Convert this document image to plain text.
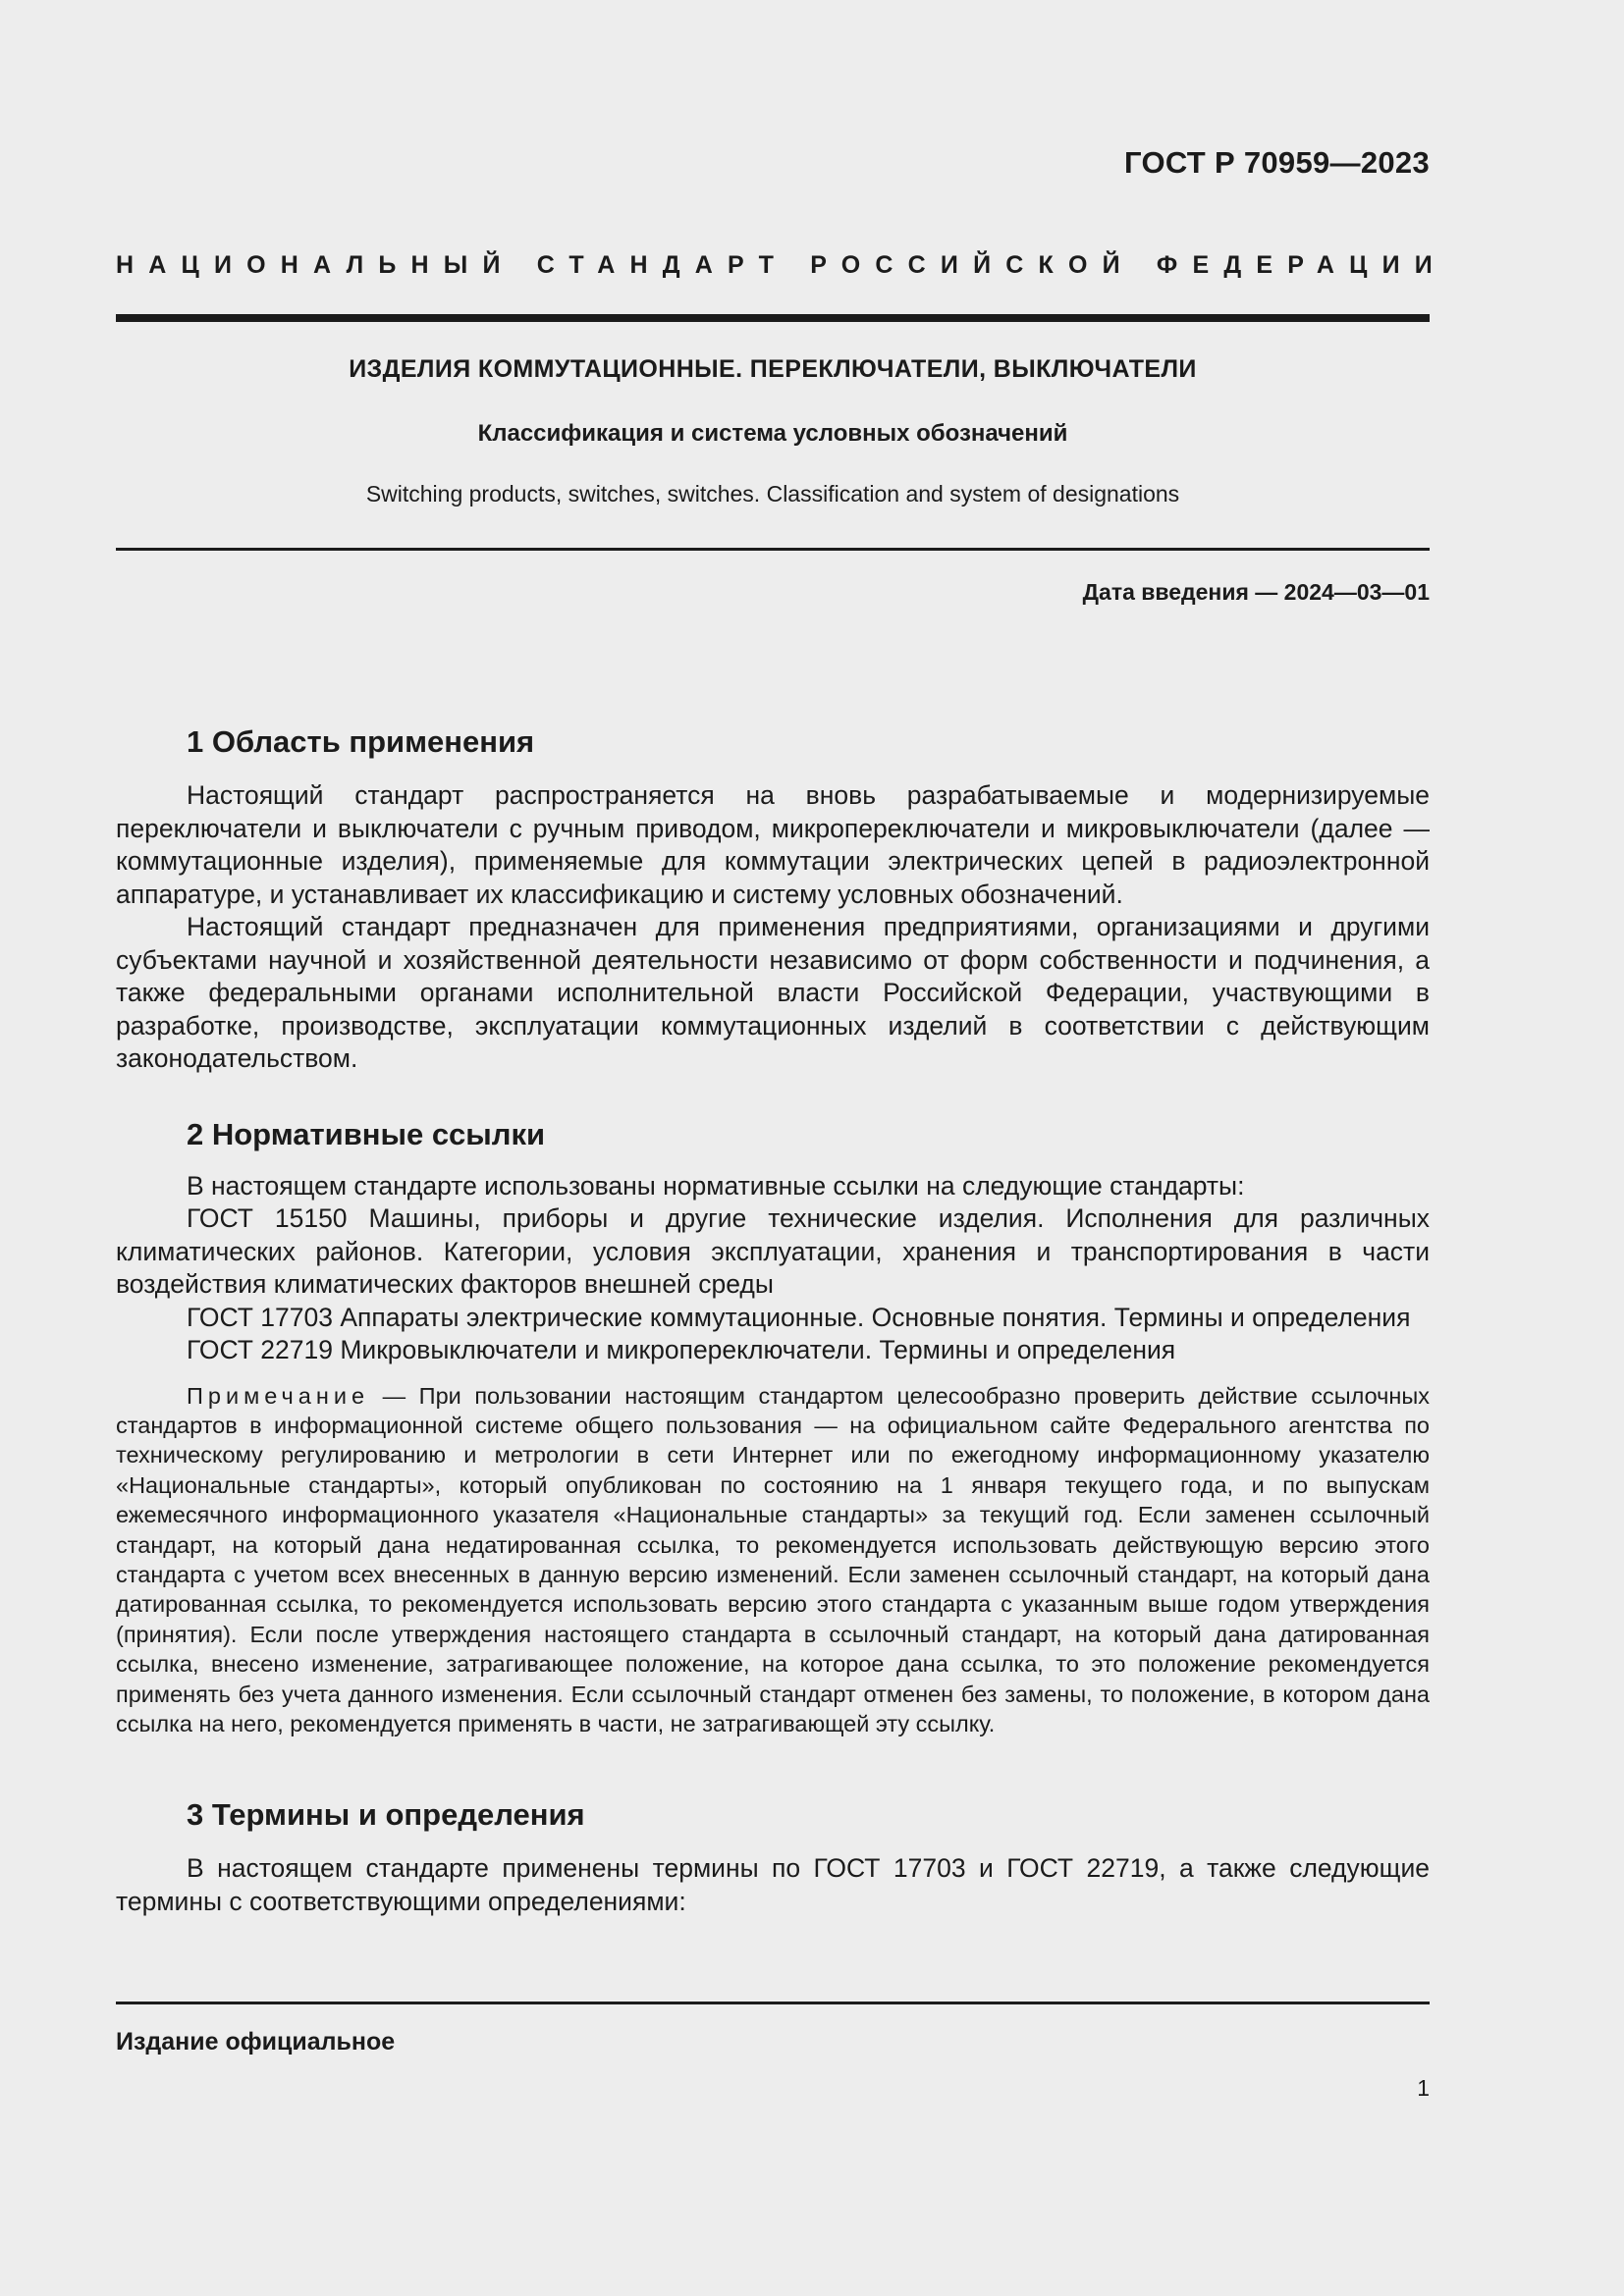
ГОСТ Р 70959—2023
НАЦИОНАЛЬНЫЙ СТАНДАРТ РОССИЙСКОЙ ФЕДЕРАЦИИ
ИЗДЕЛИЯ КОММУТАЦИОННЫЕ. ПЕРЕКЛЮЧАТЕЛИ, ВЫКЛЮЧАТЕЛИ
Классификация и система условных обозначений
Switching products, switches, switches. Classification and system of designations
Дата введения — 2024—03—01
1 Область применения

Настоящий стандарт распространяется на вновь разрабатываемые и модернизируемые переключатели и выключатели с ручным приводом, микропереключатели и микровыключатели (далее — коммутационные изделия), применяемые для коммутации электрических цепей в радиоэлектронной аппаратуре, и устанавливает их классификацию и систему условных обозначений.

Настоящий стандарт предназначен для применения предприятиями, организациями и другими субъектами научной и хозяйственной деятельности независимо от форм собственности и подчинения, а также федеральными органами исполнительной власти Российской Федерации, участвующими в разработке, производстве, эксплуатации коммутационных изделий в соответствии с действующим законодательством.

2 Нормативные ссылки

В настоящем стандарте использованы нормативные ссылки на следующие стандарты:

ГОСТ 15150 Машины, приборы и другие технические изделия. Исполнения для различных климатических районов. Категории, условия эксплуатации, хранения и транспортирования в части воздействия климатических факторов внешней среды

ГОСТ 17703 Аппараты электрические коммутационные. Основные понятия. Термины и определения

ГОСТ 22719 Микровыключатели и микропереключатели. Термины и определения

Примечание — При пользовании настоящим стандартом целесообразно проверить действие ссылочных стандартов в информационной системе общего пользования — на официальном сайте Федерального агентства по техническому регулированию и метрологии в сети Интернет или по ежегодному информационному указателю «Национальные стандарты», который опубликован по состоянию на 1 января текущего года, и по выпускам ежемесячного информационного указателя «Национальные стандарты» за текущий год. Если заменен ссылочный стандарт, на который дана недатированная ссылка, то рекомендуется использовать действующую версию этого стандарта с учетом всех внесенных в данную версию изменений. Если заменен ссылочный стандарт, на который дана датированная ссылка, то рекомендуется использовать версию этого стандарта с указанным выше годом утверждения (принятия). Если после утверждения настоящего стандарта в ссылочный стандарт, на который дана датированная ссылка, внесено изменение, затрагивающее положение, на которое дана ссылка, то это положение рекомендуется применять без учета данного изменения. Если ссылочный стандарт отменен без замены, то положение, в котором дана ссылка на него, рекомендуется применять в части, не затрагивающей эту ссылку.

3 Термины и определения

В настоящем стандарте применены термины по ГОСТ 17703 и ГОСТ 22719, а также следующие термины с соответствующими определениями:

Издание официальное
1
